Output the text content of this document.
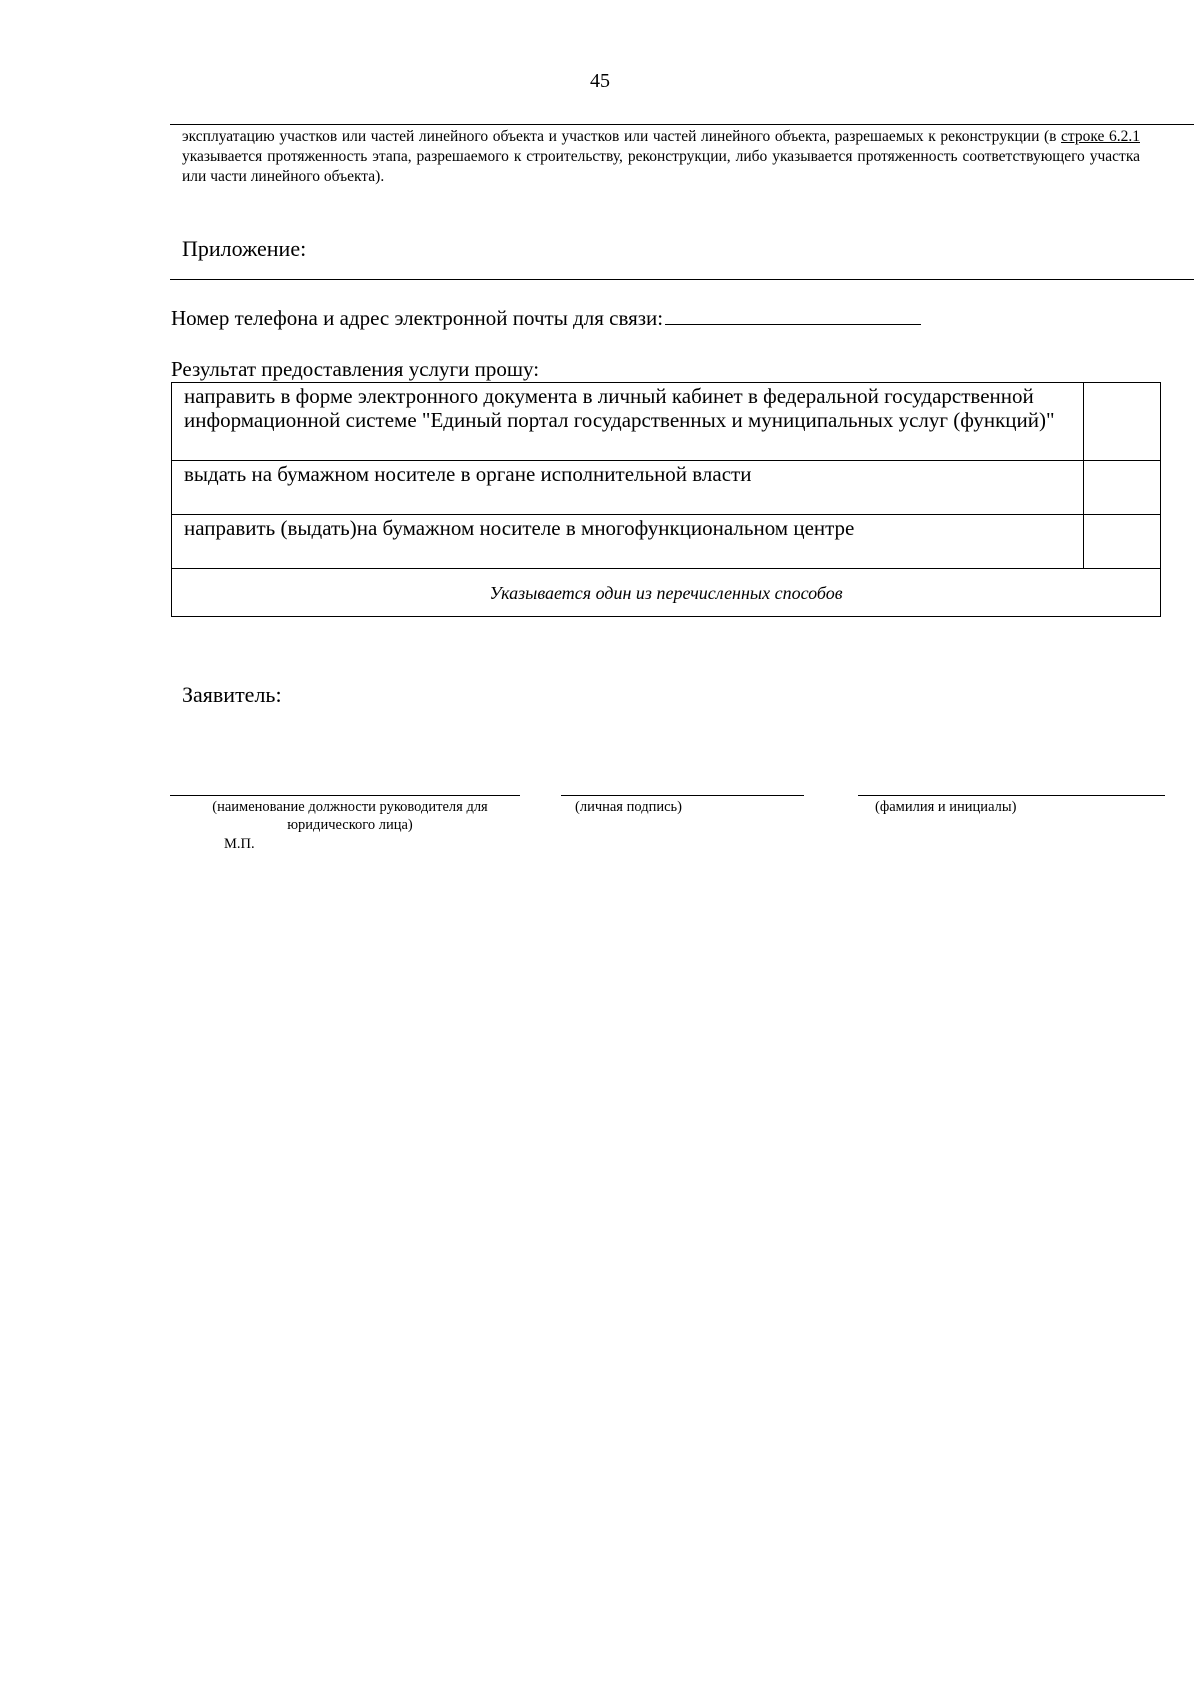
45
эксплуатацию участков или частей линейного объекта и участков или частей линейного объекта, разрешаемых к реконструкции (в строке 6.2.1 указывается протяженность этапа, разрешаемого к строительству, реконструкции, либо указывается протяженность соответствующего участка или части линейного объекта).
Приложение:
Номер телефона и адрес электронной почты для связи:
Результат предоставления услуги прошу:
направить в форме электронного документа в личный кабинет в федеральной государственной информационной системе "Единый портал государственных и муниципальных услуг (функций)"	
выдать на бумажном носителе в органе исполнительной власти	
направить (выдать)на бумажном носителе в многофункциональном центре	
Указывается один из перечисленных способов	
Заявитель:
(наименование должности руководителя для юридического лица)
(личная подпись)	(фамилия и инициалы)
М.П.
